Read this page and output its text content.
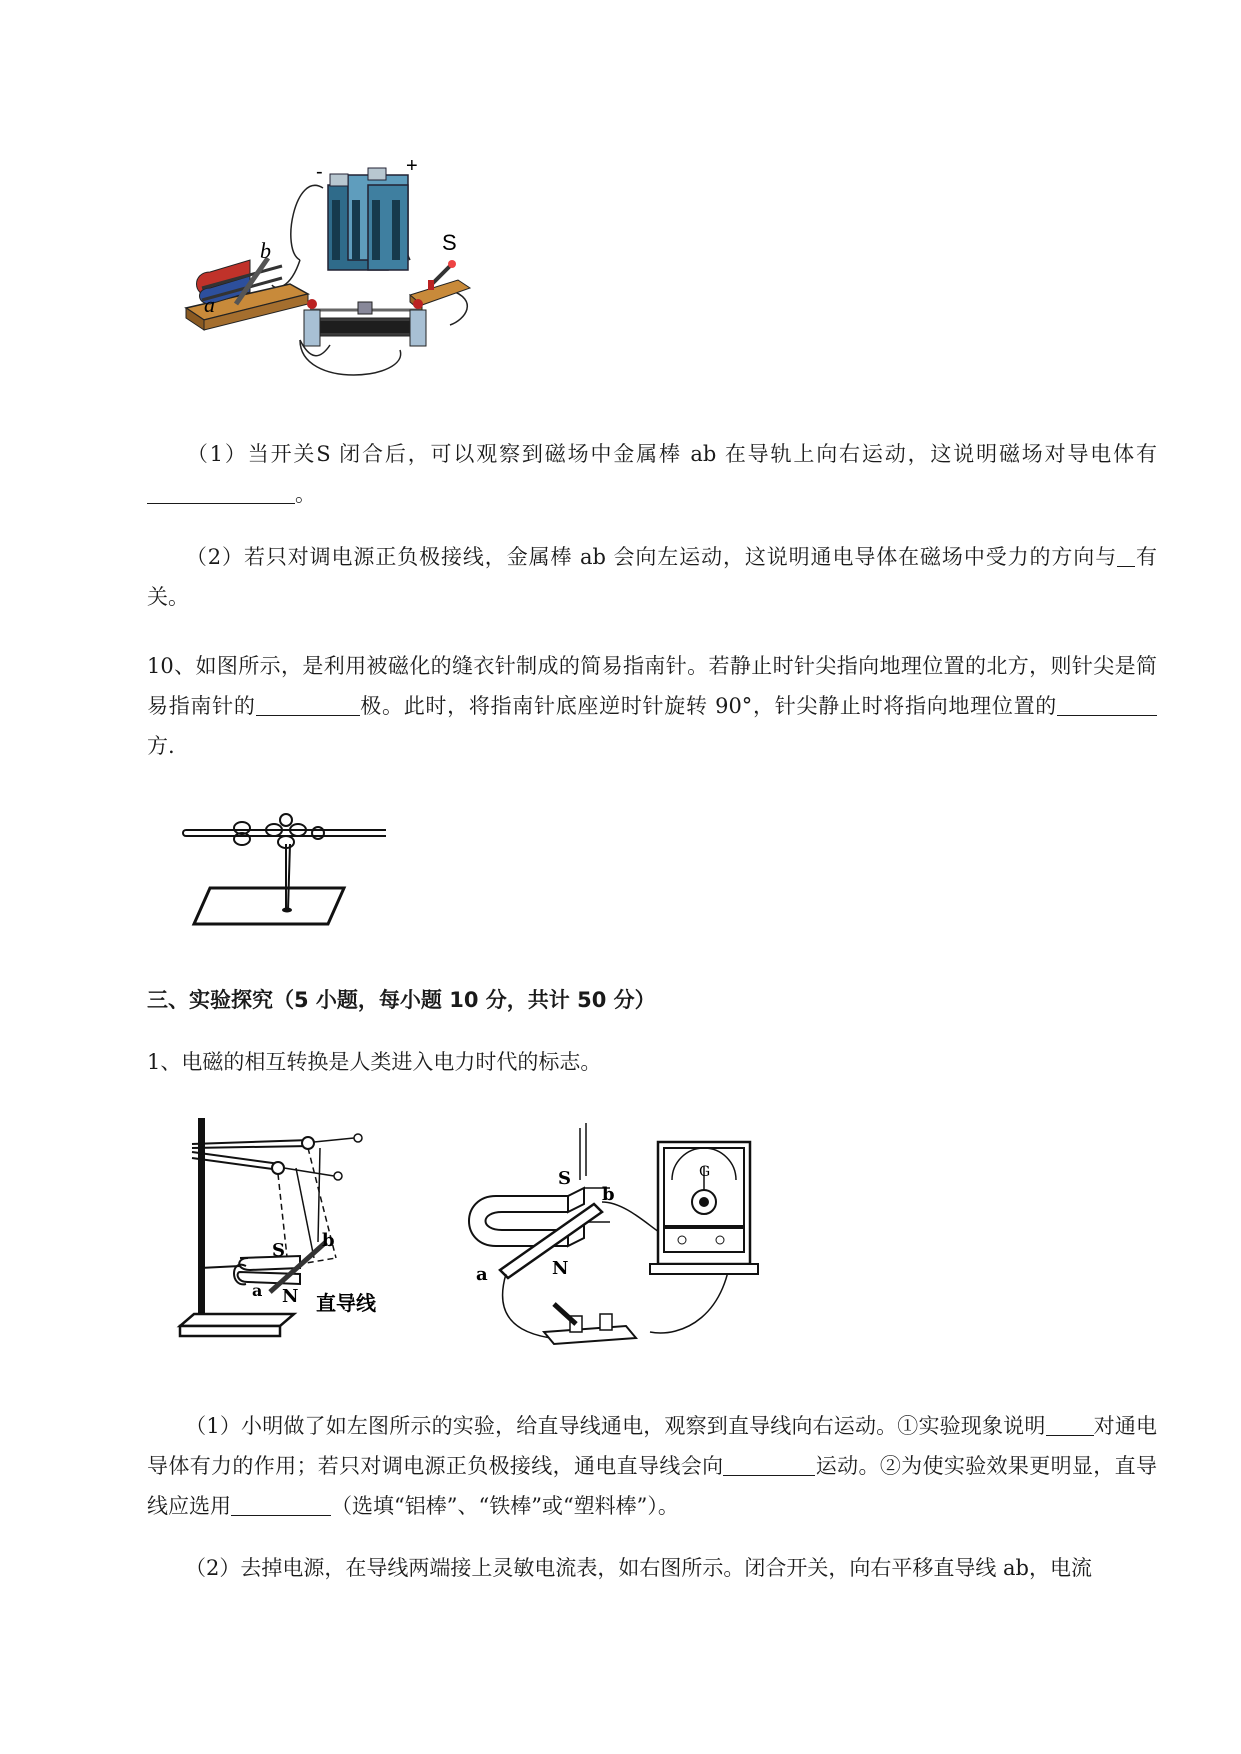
-	+
S
b
a
（1）当开关S 闭合后，可以观察到磁场中金属棒 ab 在导轨上向右运动，这说明磁场对导电体有。
（2）若只对调电源正负极接线，金属棒 ab 会向左运动，这说明通电导体在磁场中受力的方向与 有关。
10、如图所示，是利用被磁化的缝衣针制成的简易指南针。若静止时针尖指向地理位置的北方，则针尖是简易指南针的	极。此时，将指南针底座逆时针旋转 90°，针尖静止时将指向地理位置的方.
三、实验探究（5 小题，每小题 10 分，共计 50 分）
1、电磁的相互转换是人类进入电力时代的标志。
S b
a N 直导线
S
b
a	N
G
（1）小明做了如左图所示的实验，给直导线通电，观察到直导线向右运动。①实验现象说明 对通电导体有力的作用；若只对调电源正负极接线，通电直导线会向	运动。②为使实验效果更明显，直导线应选用	（选填“铝棒”、“铁棒”或“塑料棒”）。
（2）去掉电源，在导线两端接上灵敏电流表，如右图所示。闭合开关，向右平移直导线 ab，电流
